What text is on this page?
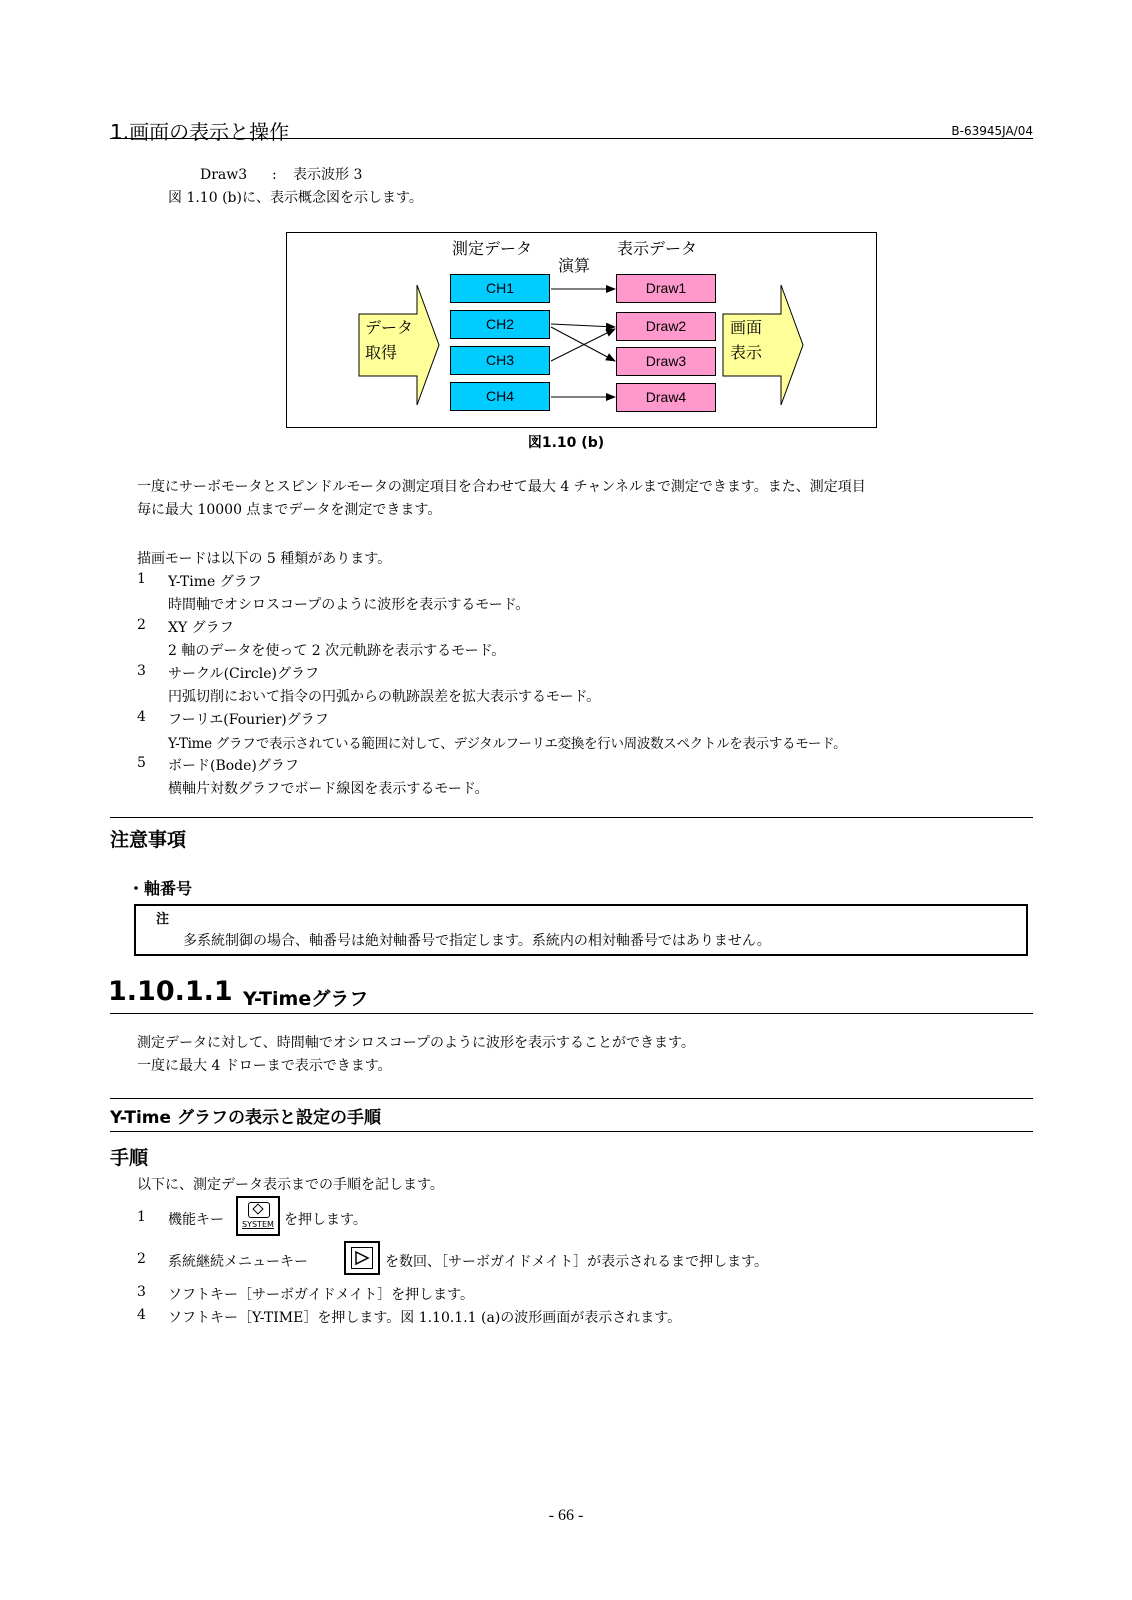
1.画面の表示と操作	B-63945JA/04
Draw3 : 表示波形 3
図 1.10 (b)に、表示概念図を示します。
測定データ	表示データ
演算
データ
取得
画面
表示
CH1
CH2
CH3
CH4
Draw1
Draw2
Draw3
Draw4
図1.10 (b)
一度にサーボモータとスピンドルモータの測定項目を合わせて最大 4 チャンネルまで測定できます。また、測定項目
毎に最大 10000 点までデータを測定できます。
描画モードは以下の 5 種類があります。
1 Y-Time グラフ
時間軸でオシロスコープのように波形を表示するモード。
2 XY グラフ
2 軸のデータを使って 2 次元軌跡を表示するモード。
3 サークル(Circle)グラフ
円弧切削において指令の円弧からの軌跡誤差を拡大表示するモード。
4 フーリエ(Fourier)グラフ
Y-Time グラフで表示されている範囲に対して、デジタルフーリエ変換を行い周波数スペクトルを表示するモード。
5 ボード(Bode)グラフ
横軸片対数グラフでボード線図を表示するモード。
注意事項
・軸番号
注
多系統制御の場合、軸番号は絶対軸番号で指定します。系統内の相対軸番号ではありません。
1.10.1.1 Y-Timeグラフ
測定データに対して、時間軸でオシロスコープのように波形を表示することができます。
一度に最大 4 ドローまで表示できます。
Y-Time グラフの表示と設定の手順
手順
以下に、測定データ表示までの手順を記します。
1 機能キー	SYSTEM を押します。
2 系統継続メニューキー	を数回、［サーボガイドメイト］が表示されるまで押します。
3 ソフトキー［サーボガイドメイト］を押します。
4 ソフトキー［Y-TIME］を押します。図 1.10.1.1 (a)の波形画面が表示されます。
- 66 -
